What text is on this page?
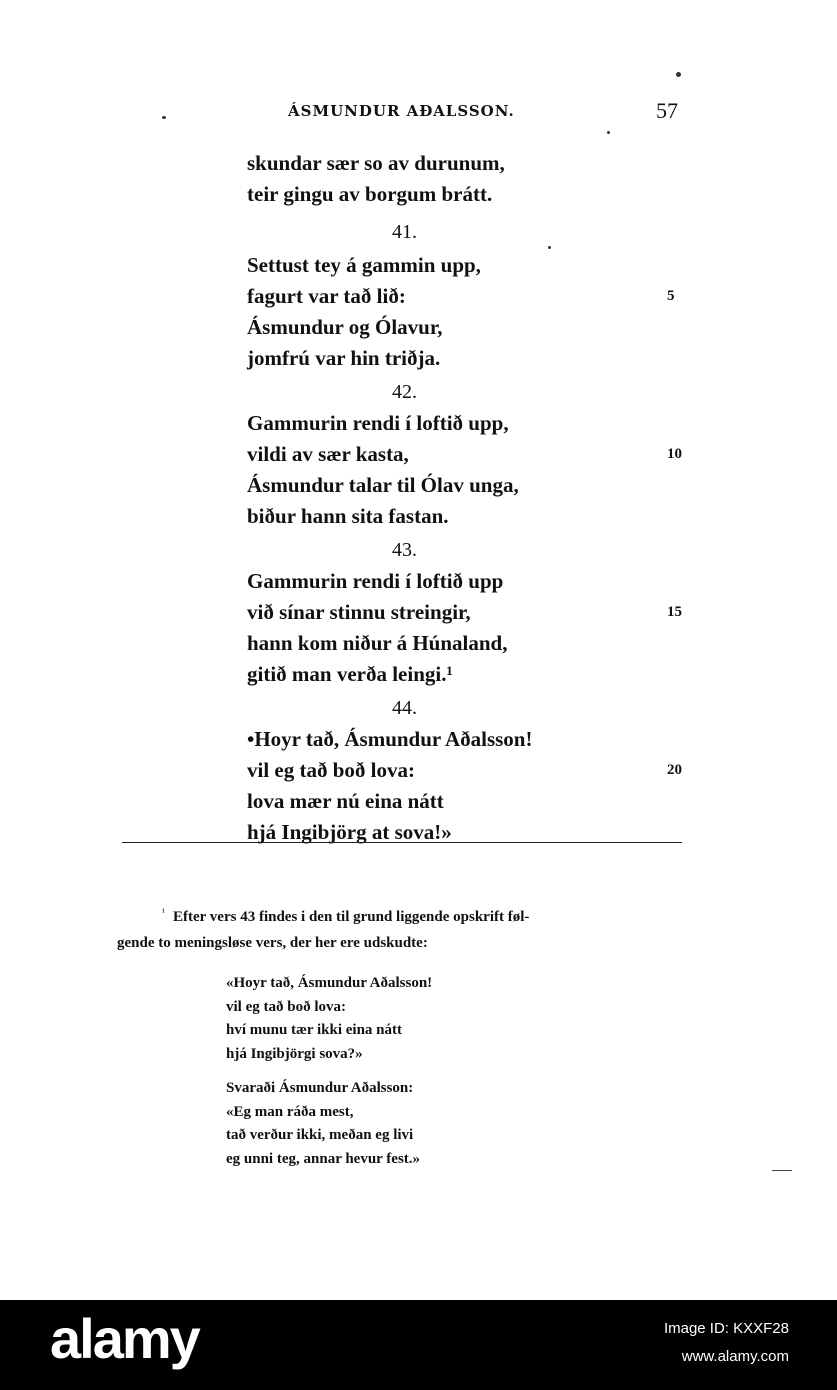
ÁSMUNDUR AÐALSSON.	57
skundar sær so av durunum,
teir gingu av borgum brátt.
41.
Settust tey á gammin upp,
fagurt var tað lið:	5
Ásmundur og Ólavur,
jomfrú var hin triðja.
42.
Gammurin rendi í loftið upp,
vildi av sær kasta,	10
Ásmundur talar til Ólav unga,
biður hann sita fastan.
43.
Gammurin rendi í loftið upp
við sínar stinnu streingir,	15
hann kom niður á Húnaland,
gitið man verða leingi.¹
44.
•Hoyr tað, Ásmundur Aðalsson!
vil eg tað boð lova:	20
lova mær nú eina nátt
hjá Ingibjörg at sova!»
$^{^1}$ Efter vers 43 findes i den til grund liggende opskrift føl-
gende to meningsløse vers, der her ere udskudte:
«Hoyr tað, Ásmundur Aðalsson!
vil eg tað boð lova:
hví munu tær ikki eina nátt
hjá Ingibjörgi sova?»
Svaraði Ásmundur Aðalsson:
«Eg man ráða mest,
tað verður ikki, meðan eg livi
eg unni teg, annar hevur fest.»
alamy	Image ID: KXXF28
www.alamy.com
